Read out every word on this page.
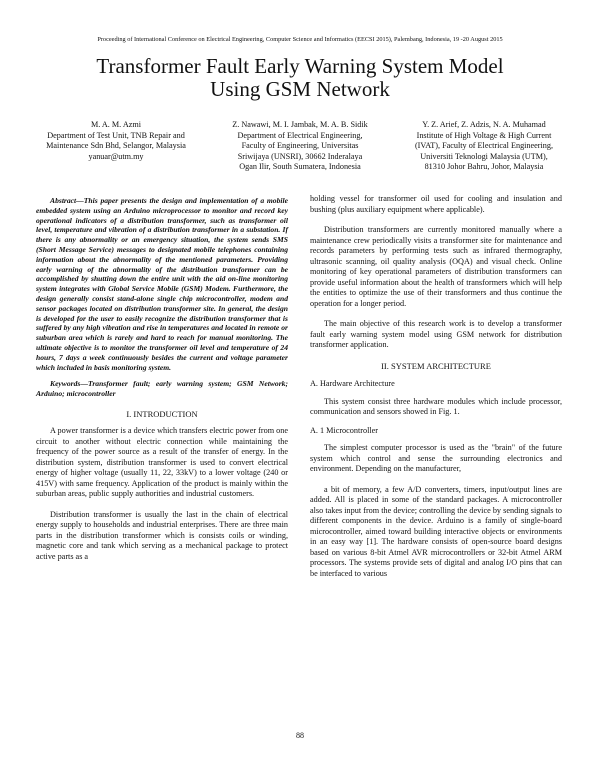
Proceeding of International Conference on Electrical Engineering, Computer Science and Informatics (EECSI 2015), Palembang, Indonesia, 19 -20 August 2015
Transformer Fault Early Warning System Model
Using GSM Network
M. A. M. Azmi
Department of Test Unit, TNB Repair and
Maintenance Sdn Bhd, Selangor, Malaysia
yanuar@utm.my
Z. Nawawi, M. I. Jambak, M. A. B. Sidik
Department of Electrical Engineering,
Faculty of Engineering, Universitas
Sriwijaya (UNSRI), 30662 Inderalaya
Ogan Ilir, South Sumatera, Indonesia
Y. Z. Arief, Z. Adzis, N. A. Muhamad
Institute of High Voltage & High Current
(IVAT), Faculty of Electrical Engineering,
Universiti Teknologi Malaysia (UTM),
81310 Johor Bahru, Johor, Malaysia

Abstract—This paper presents the design and implementation of a mobile embedded system using an Arduino microprocessor to monitor and record key operational indicators of a distribution transformer, such as transformer oil level, temperature and vibration of a distribution transformer in a substation. If there is any abnormality or an emergency situation, the system sends SMS (Short Message Service) messages to designated mobile telephones containing information about the abnormality of the mentioned parameters. Providing early warning of the abnormality of the distribution transformer can be accomplished by shutting down the entire unit with the aid on-line monitoring system integrates with Global Service Mobile (GSM) Modem. Furthermore, the design generally consist stand-alone single chip microcontroller, modem and sensor packages located on distribution transformer site. In general, the design is developed for the user to easily recognize the distribution transformer that is suffered by any high vibration and rise in temperatures and located in remote or suburban area which is rarely and hard to reach for manual monitoring. The ultimate objective is to monitor the transformer oil level and temperature of 24 hours, 7 days a week continuously besides the current and voltage parameter which included in basis monitoring system.

Keywords—Transformer fault; early warning system; GSM Network; Arduino; microcontroller

I. INTRODUCTION

A power transformer is a device which transfers electric power from one circuit to another without electric connection while maintaining the frequency of the power source as a result of the transfer of energy. In the distribution system, distribution transformer is used to convert electrical energy of higher voltage (usually 11, 22, 33kV) to a lower voltage (240 or 415V) with same frequency. Application of the product is mainly within the suburban areas, public supply authorities and industrial customers.

Distribution transformer is usually the last in the chain of electrical energy supply to households and industrial enterprises. There are three main parts in the distribution transformer which is consists coils or winding, magnetic core and tank which serving as a mechanical package to protect active parts as a

holding vessel for transformer oil used for cooling and insulation and bushing (plus auxiliary equipment where applicable).

Distribution transformers are currently monitored manually where a maintenance crew periodically visits a transformer site for maintenance and records parameters by performing tests such as infrared thermography, ultrasonic scanning, oil quality analysis (OQA) and visual check. Online monitoring of key operational parameters of distribution transformers can provide useful information about the health of transformers which will help the entities to optimize the use of their transformers and thus continue the operation for a longer period.

The main objective of this research work is to develop a transformer fault early warning system model using GSM network for distribution transformer application.

II. SYSTEM ARCHITECTURE

A. Hardware Architecture

This system consist three hardware modules which include processor, communication and sensors showed in Fig. 1.

A. 1 Microcontroller

The simplest computer processor is used as the "brain" of the future system which control and sense the surrounding electronics and environment. Depending on the manufacturer,

a bit of memory, a few A/D converters, timers, input/output lines are added. All is placed in some of the standard packages. A microcontroller also takes input from the device; controlling the device by sending signals to different components in the device. Arduino is a family of single-board microcontroller, aimed toward building interactive objects or environments in an easy way [1]. The hardware consists of open-source board designs based on various 8-bit Atmel AVR microcontrollers or 32-bit Atmel ARM processors. The systems provide sets of digital and analog I/O pins that can be interfaced to various

88
